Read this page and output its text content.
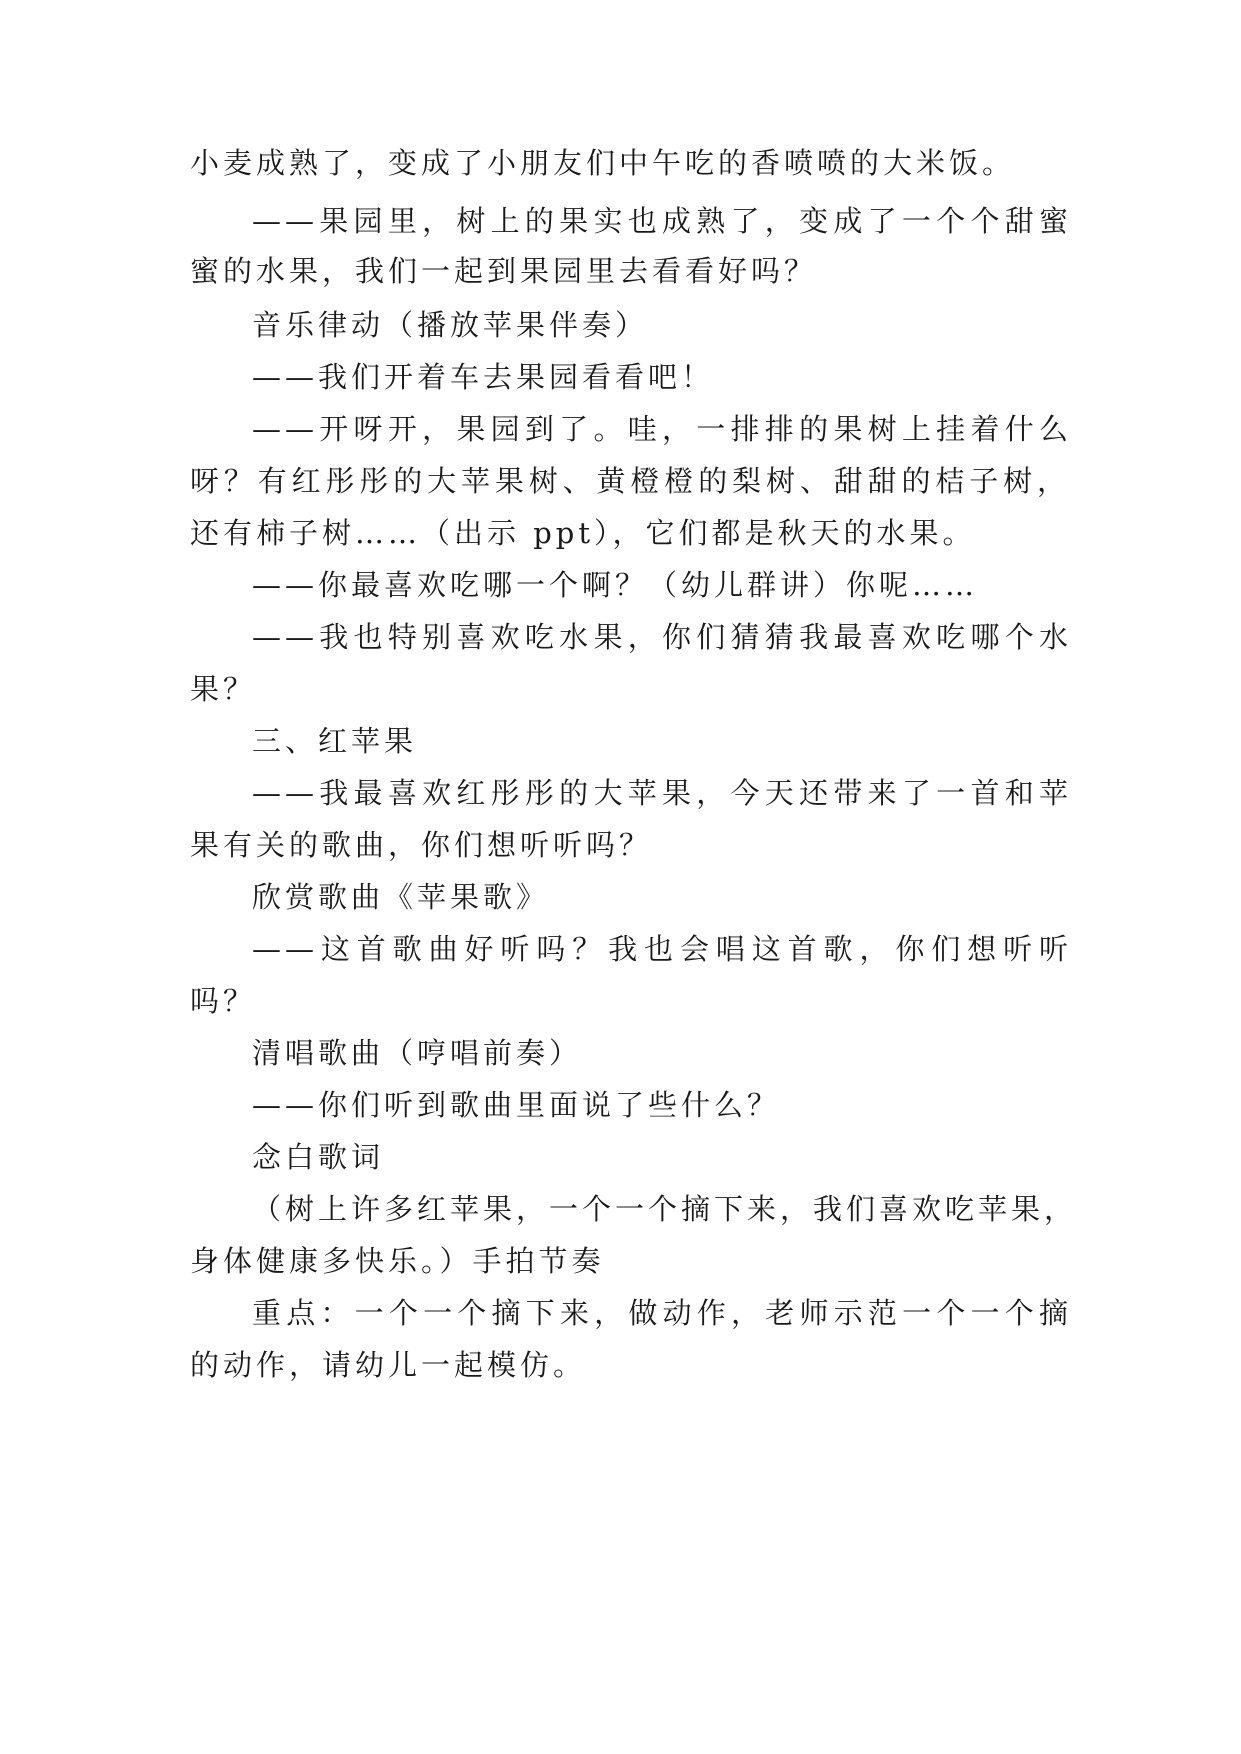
小麦成熟了，变成了小朋友们中午吃的香喷喷的大米饭。
——果园里，树上的果实也成熟了，变成了一个个甜蜜
蜜的水果，我们一起到果园里去看看好吗？
音乐律动（播放苹果伴奏）
——我们开着车去果园看看吧！
——开呀开，果园到了。哇，一排排的果树上挂着什么
呀？有红彤彤的大苹果树、黄橙橙的梨树、甜甜的桔子树，
还有柿子树……（出示 ppt），它们都是秋天的水果。
——你最喜欢吃哪一个啊？（幼儿群讲）你呢……
——我也特别喜欢吃水果，你们猜猜我最喜欢吃哪个水
果？
三、红苹果
——我最喜欢红彤彤的大苹果，今天还带来了一首和苹
果有关的歌曲，你们想听听吗？
欣赏歌曲《苹果歌》
——这首歌曲好听吗？我也会唱这首歌，你们想听听
吗？
清唱歌曲（哼唱前奏）
——你们听到歌曲里面说了些什么？
念白歌词
（树上许多红苹果，一个一个摘下来，我们喜欢吃苹果，
身体健康多快乐。）手拍节奏
重点：一个一个摘下来，做动作，老师示范一个一个摘
的动作，请幼儿一起模仿。
